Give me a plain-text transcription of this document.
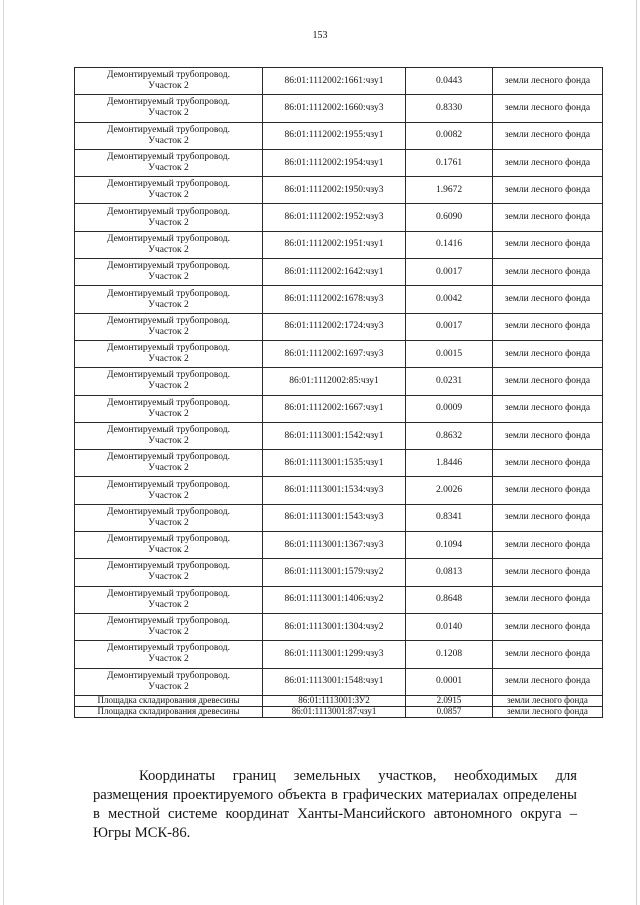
153
Демонтируемый трубопровод.
Участок 2	86:01:1112002:1661:чзу1	0.0443	земли лесного фонда

Демонтируемый трубопровод.
Участок 2	86:01:1112002:1660:чзу3	0.8330	земли лесного фонда

Демонтируемый трубопровод.
Участок 2	86:01:1112002:1955:чзу1	0.0082	земли лесного фонда

Демонтируемый трубопровод.
Участок 2	86:01:1112002:1954:чзу1	0.1761	земли лесного фонда

Демонтируемый трубопровод.
Участок 2	86:01:1112002:1950:чзу3	1.9672	земли лесного фонда

Демонтируемый трубопровод.
Участок 2	86:01:1112002:1952:чзу3	0.6090	земли лесного фонда

Демонтируемый трубопровод.
Участок 2	86:01:1112002:1951:чзу1	0.1416	земли лесного фонда

Демонтируемый трубопровод.
Участок 2	86:01:1112002:1642:чзу1	0.0017	земли лесного фонда

Демонтируемый трубопровод.
Участок 2	86:01:1112002:1678:чзу3	0.0042	земли лесного фонда

Демонтируемый трубопровод.
Участок 2	86:01:1112002:1724:чзу3	0.0017	земли лесного фонда

Демонтируемый трубопровод.
Участок 2	86:01:1112002:1697:чзу3	0.0015	земли лесного фонда

Демонтируемый трубопровод.
Участок 2	86:01:1112002:85:чзу1	0.0231	земли лесного фонда

Демонтируемый трубопровод.
Участок 2	86:01:1112002:1667:чзу1	0.0009	земли лесного фонда

Демонтируемый трубопровод.
Участок 2	86:01:1113001:1542:чзу1	0.8632	земли лесного фонда

Демонтируемый трубопровод.
Участок 2	86:01:1113001:1535:чзу1	1.8446	земли лесного фонда

Демонтируемый трубопровод.
Участок 2	86:01:1113001:1534:чзу3	2.0026	земли лесного фонда

Демонтируемый трубопровод.
Участок 2	86:01:1113001:1543:чзу3	0.8341	земли лесного фонда

Демонтируемый трубопровод.
Участок 2	86:01:1113001:1367:чзу3	0.1094	земли лесного фонда

Демонтируемый трубопровод.
Участок 2	86:01:1113001:1579:чзу2	0.0813	земли лесного фонда

Демонтируемый трубопровод.
Участок 2	86:01:1113001:1406:чзу2	0.8648	земли лесного фонда

Демонтируемый трубопровод.
Участок 2	86:01:1113001:1304:чзу2	0.0140	земли лесного фонда

Демонтируемый трубопровод.
Участок 2	86:01:1113001:1299:чзу3	0.1208	земли лесного фонда

Демонтируемый трубопровод.
Участок 2	86:01:1113001:1548:чзу1	0.0001	земли лесного фонда

Площадка складирования древесины	86:01:1113001:ЗУ2	2.0915	земли лесного фонда

Площадка складирования древесины	86:01:1113001:87:чзу1	0.0857	земли лесного фонда
Координаты границ земельных участков, необходимых для размещения проектируемого объекта в графических материалах определены в местной системе координат Ханты-Мансийского автономного округа – Югры МСК-86.
